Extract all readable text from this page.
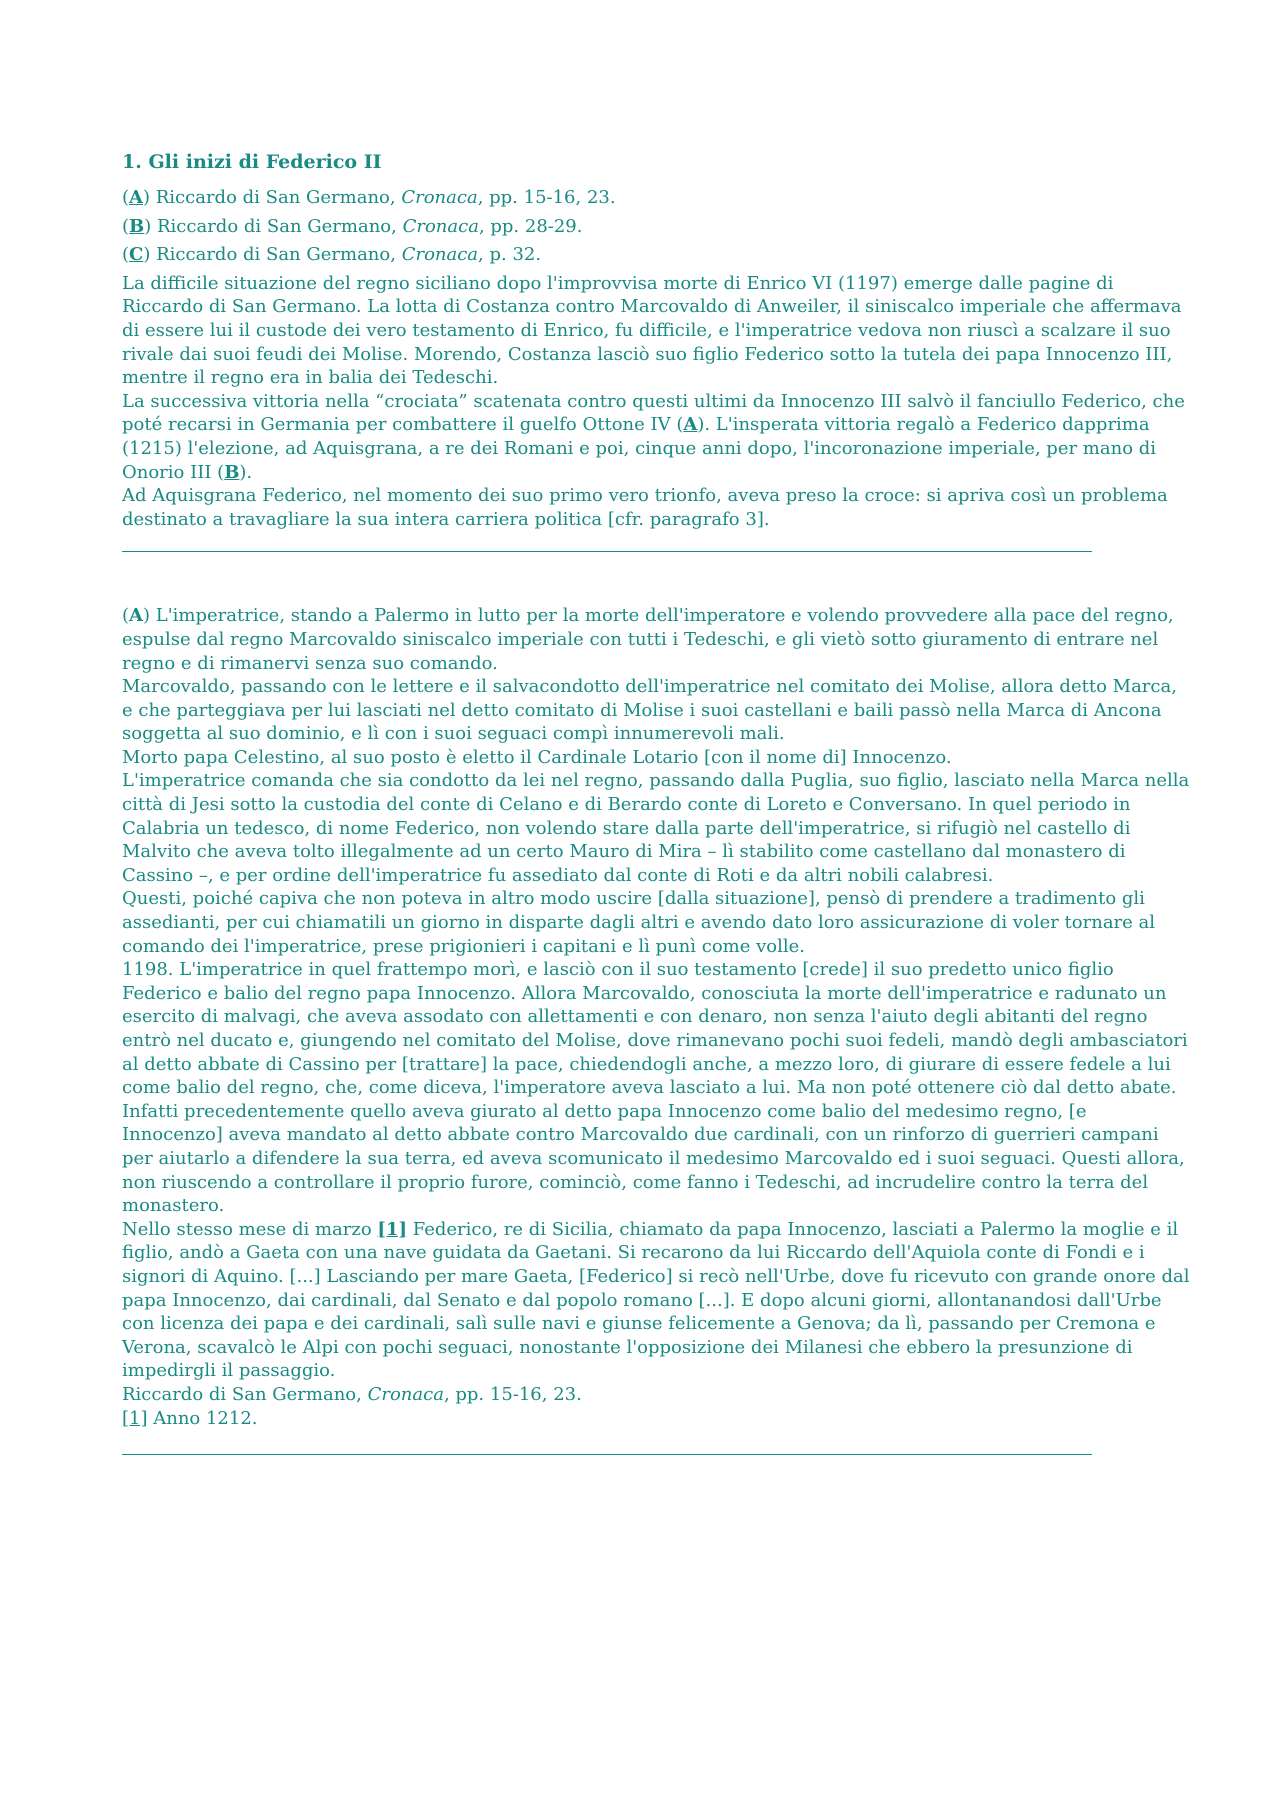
1. Gli inizi di Federico II
(A) Riccardo di San Germano, Cronaca, pp. 15-16, 23.
(B) Riccardo di San Germano, Cronaca, pp. 28-29.
(C) Riccardo di San Germano, Cronaca, p. 32.

La difficile situazione del regno siciliano dopo l'improvvisa morte di Enrico VI (1197) emerge dalle pagine di Riccardo di San Germano. La lotta di Costanza contro Marcovaldo di Anweiler, il siniscalco imperiale che affermava di essere lui il custode dei vero testamento di Enrico, fu difficile, e l'imperatrice vedova non riuscì a scalzare il suo rivale dai suoi feudi dei Molise. Morendo, Costanza lasciò suo figlio Federico sotto la tutela dei papa Innocenzo III, mentre il regno era in balia dei Tedeschi.

La successiva vittoria nella “crociata” scatenata contro questi ultimi da Innocenzo III salvò il fanciullo Federico, che poté recarsi in Germania per combattere il guelfo Ottone IV (A). L'insperata vittoria regalò a Federico dapprima (1215) l'elezione, ad Aquisgrana, a re dei Romani e poi, cinque anni dopo, l'incoronazione imperiale, per mano di Onorio III (B).

Ad Aquisgrana Federico, nel momento dei suo primo vero trionfo, aveva preso la croce: si apriva così un problema destinato a travagliare la sua intera carriera politica [cfr. paragrafo 3].

(A) L'imperatrice, stando a Palermo in lutto per la morte dell'imperatore e volendo provvedere alla pace del regno, espulse dal regno Marcovaldo siniscalco imperiale con tutti i Tedeschi, e gli vietò sotto giuramento di entrare nel regno e di rimanervi senza suo comando.

Marcovaldo, passando con le lettere e il salvacondotto dell'imperatrice nel comitato dei Molise, allora detto Marca, e che parteggiava per lui lasciati nel detto comitato di Molise i suoi castellani e baili passò nella Marca di Ancona soggetta al suo dominio, e lì con i suoi seguaci compì innumerevoli mali.

Morto papa Celestino, al suo posto è eletto il Cardinale Lotario [con il nome di] Innocenzo.

L'imperatrice comanda che sia condotto da lei nel regno, passando dalla Puglia, suo figlio, lasciato nella Marca nella città di Jesi sotto la custodia del conte di Celano e di Berardo conte di Loreto e Conversano. In quel periodo in Calabria un tedesco, di nome Federico, non volendo stare dalla parte dell'imperatrice, si rifugiò nel castello di Malvito che aveva tolto illegalmente ad un certo Mauro di Mira – lì stabilito come castellano dal monastero di Cassino –, e per ordine dell'imperatrice fu assediato dal conte di Roti e da altri nobili calabresi.

Questi, poiché capiva che non poteva in altro modo uscire [dalla situazione], pensò di prendere a tradimento gli assedianti, per cui chiamatili un giorno in disparte dagli altri e avendo dato loro assicurazione di voler tornare al comando dei l'imperatrice, prese prigionieri i capitani e lì punì come volle.

1198. L'imperatrice in quel frattempo morì, e lasciò con il suo testamento [crede] il suo predetto unico figlio Federico e balio del regno papa Innocenzo. Allora Marcovaldo, conosciuta la morte dell'imperatrice e radunato un esercito di malvagi, che aveva assodato con allettamenti e con denaro, non senza l'aiuto degli abitanti del regno entrò nel ducato e, giungendo nel comitato del Molise, dove rimanevano pochi suoi fedeli, mandò degli ambasciatori al detto abbate di Cassino per [trattare] la pace, chiedendogli anche, a mezzo loro, di giurare di essere fedele a lui come balio del regno, che, come diceva, l'imperatore aveva lasciato a lui. Ma non poté ottenere ciò dal detto abate. Infatti precedentemente quello aveva giurato al detto papa Innocenzo come balio del medesimo regno, [e Innocenzo] aveva mandato al detto abbate contro Marcovaldo due cardinali, con un rinforzo di guerrieri campani per aiutarlo a difendere la sua terra, ed aveva scomunicato il medesimo Marcovaldo ed i suoi seguaci. Questi allora, non riuscendo a controllare il proprio furore, cominciò, come fanno i Tedeschi, ad incrudelire contro la terra del monastero.

Nello stesso mese di marzo [1] Federico, re di Sicilia, chiamato da papa Innocenzo, lasciati a Palermo la moglie e il figlio, andò a Gaeta con una nave guidata da Gaetani. Si recarono da lui Riccardo dell'Aquiola conte di Fondi e i signori di Aquino. [...] Lasciando per mare Gaeta, [Federico] si recò nell'Urbe, dove fu ricevuto con grande onore dal papa Innocenzo, dai cardinali, dal Senato e dal popolo romano [...]. E dopo alcuni giorni, allontanandosi dall'Urbe con licenza dei papa e dei cardinali, salì sulle navi e giunse felicemente a Genova; da lì, passando per Cremona e Verona, scavalcò le Alpi con pochi seguaci, nonostante l'opposizione dei Milanesi che ebbero la presunzione di impedirgli il passaggio.

Riccardo di San Germano, Cronaca, pp. 15-16, 23.

[1] Anno 1212.
